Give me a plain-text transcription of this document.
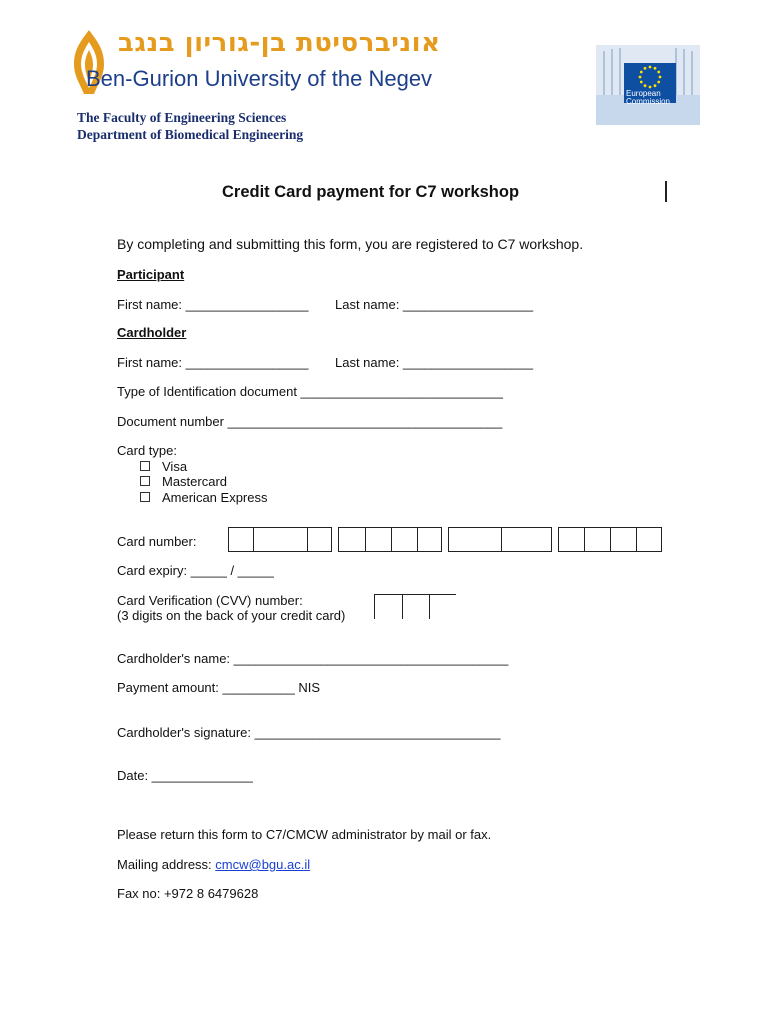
אוניברסיטת בן-גוריון בנגב
Ben-Gurion University of the Negev
European
Commission
The Faculty of Engineering Sciences
Department of Biomedical Engineering
Credit Card payment for C7 workshop
By completing and submitting this form, you are registered to C7 workshop.
Participant
First name: _________________ Last name: __________________
Cardholder
First name: _________________ Last name: __________________
Type of Identification document ____________________________
Document number ______________________________________
Card type:
Visa
Mastercard
American Express
Card number:
Card expiry: _____ / _____
Card Verification (CVV) number:
(3 digits on the back of your credit card)
Cardholder's name: ______________________________________
Payment amount: __________ NIS
Cardholder's signature: __________________________________
Date: ______________
Please return this form to C7/CMCW administrator by mail or fax.
Mailing address: cmcw@bgu.ac.il
Fax no: +972 8 6479628
